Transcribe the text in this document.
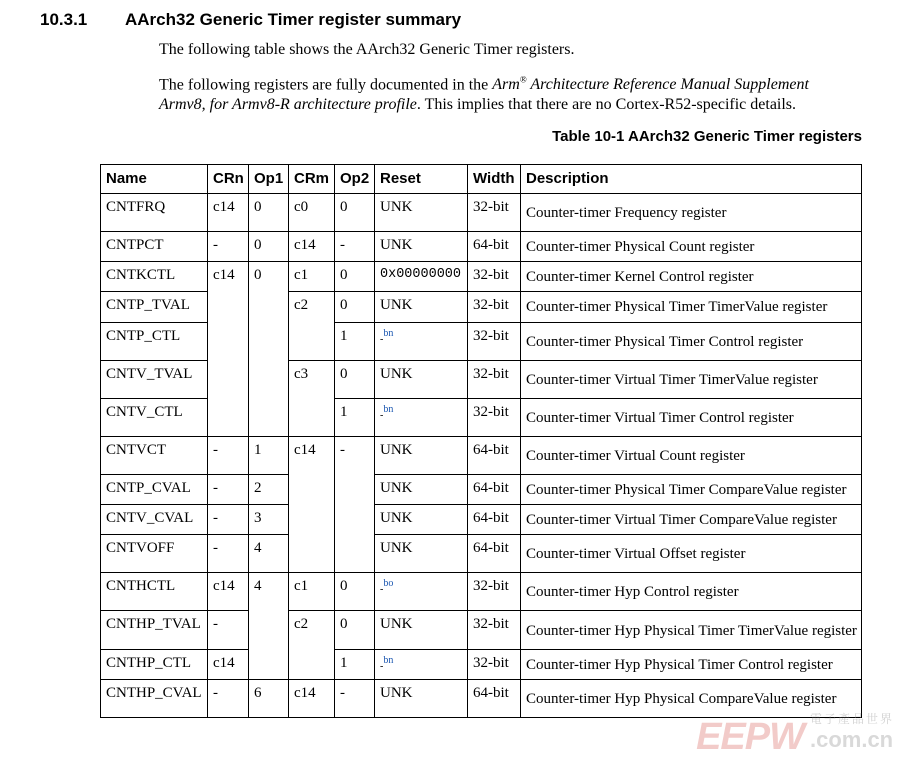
10.3.1 AArch32 Generic Timer register summary

The following table shows the AArch32 Generic Timer registers.

The following registers are fully documented in the Arm® Architecture Reference Manual Supplement Armv8, for Armv8-R architecture profile. This implies that there are no Cortex-R52-specific details.

Table 10-1 AArch32 Generic Timer registers
Name	CRn	Op1	CRm	Op2	Reset	Width	Description
CNTFRQ	c14	0	c0	0	UNK	32-bit	Counter-timer Frequency register
CNTPCT	-	0	c14	-	UNK	64-bit	Counter-timer Physical Count register
CNTKCTL	c14	0	c1	0	0x00000000	32-bit	Counter-timer Kernel Control register
CNTP_TVAL			c2	0	UNK	32-bit	Counter-timer Physical Timer TimerValue register
CNTP_CTL				1	-$^{bn}$	32-bit	Counter-timer Physical Timer Control register
CNTV_TVAL			c3	0	UNK	32-bit	Counter-timer Virtual Timer TimerValue register
CNTV_CTL				1	-$^{bn}$	32-bit	Counter-timer Virtual Timer Control register
CNTVCT	-	1	c14	-	UNK	64-bit	Counter-timer Virtual Count register
CNTP_CVAL	-	2			UNK	64-bit	Counter-timer Physical Timer CompareValue register
CNTV_CVAL	-	3			UNK	64-bit	Counter-timer Virtual Timer CompareValue register
CNTVOFF	-	4			UNK	64-bit	Counter-timer Virtual Offset register
CNTHCTL	c14	4	c1	0	-$^{bo}$	32-bit	Counter-timer Hyp Control register
CNTHP_TVAL	-		c2	0	UNK	32-bit	Counter-timer Hyp Physical Timer TimerValue register
CNTHP_CTL	c14			1	-$^{bn}$	32-bit	Counter-timer Hyp Physical Timer Control register
CNTHP_CVAL	-	6	c14	-	UNK	64-bit	Counter-timer Hyp Physical CompareValue register
EEPW 電子產品世界
.com.cn
